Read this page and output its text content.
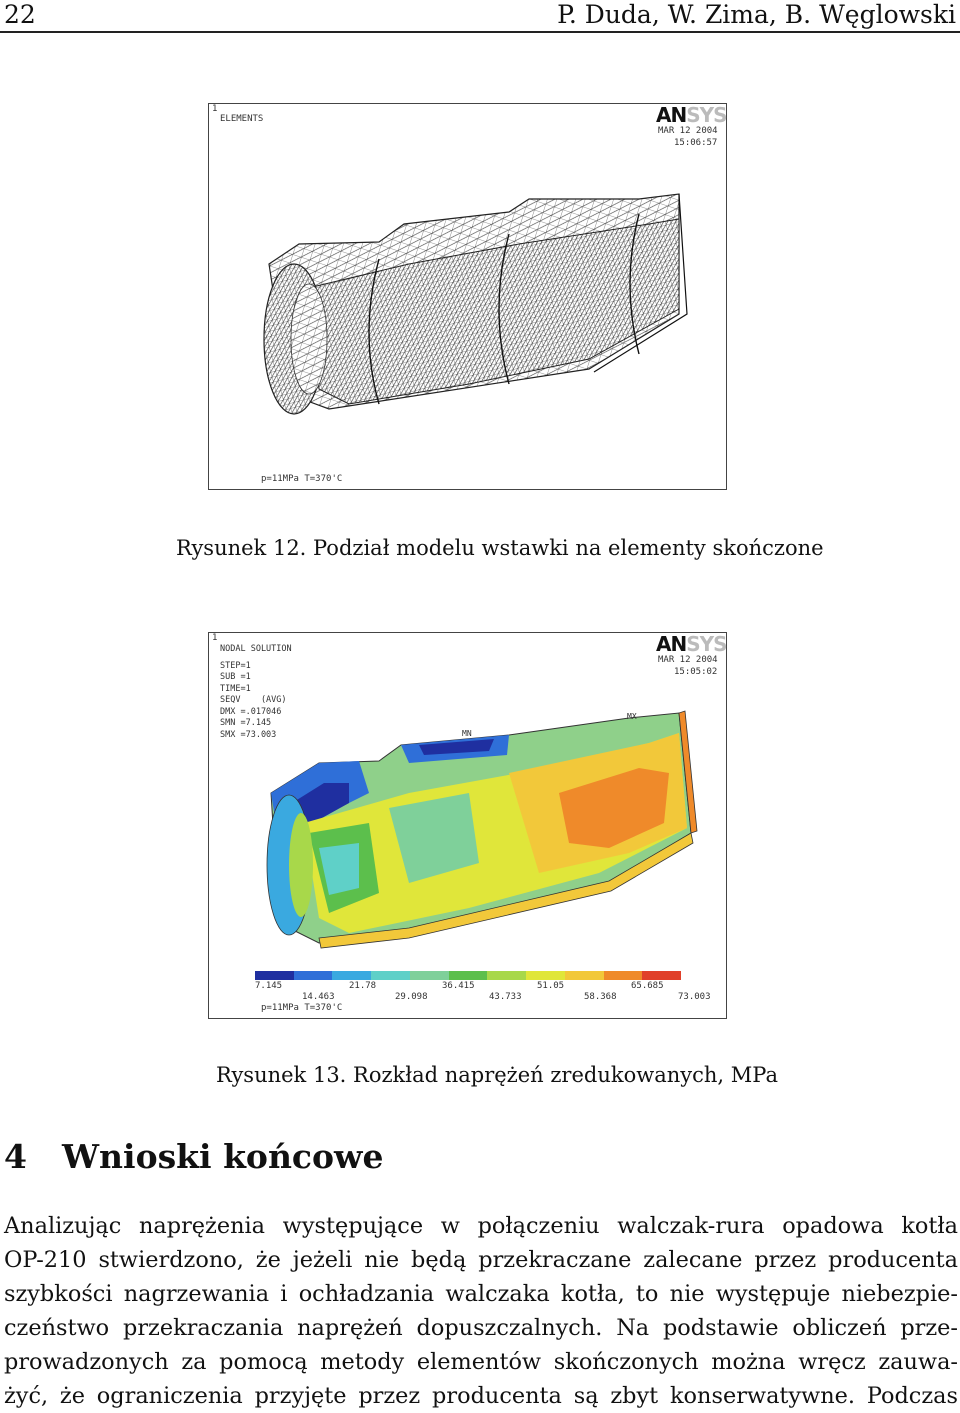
22	P. Duda, W. Zima, B. Węglowski
1
ELEMENTS	ANSYS
MAR 12 2004
15:06:57
p=11MPa T=370'C
Rysunek 12. Podział modelu wstawki na elementy skończone
1
NODAL SOLUTION
STEP=1
SUB =1
TIME=1
SEQV    (AVG)
DMX =.017046
SMN =7.145
SMX =73.003
ANSYS
MAR 12 2004
15:05:02
MN
MX
7.145	21.78	36.415	51.05	65.685
14.463	29.098	43.733	58.368	73.003
p=11MPa T=370'C
Rysunek 13. Rozkład naprężeń zredukowanych, MPa
4 Wnioski końcowe
Analizując naprężenia występujące w połączeniu walczak-rura opadowa kotła
OP-210 stwierdzono, że jeżeli nie będą przekraczane zalecane przez producenta
szybkości nagrzewania i ochładzania walczaka kotła, to nie występuje niebezpie-
czeństwo przekraczania naprężeń dopuszczalnych. Na podstawie obliczeń prze-
prowadzonych za pomocą metody elementów skończonych można wręcz zauwa-
żyć, że ograniczenia przyjęte przez producenta są zbyt konserwatywne. Podczas
